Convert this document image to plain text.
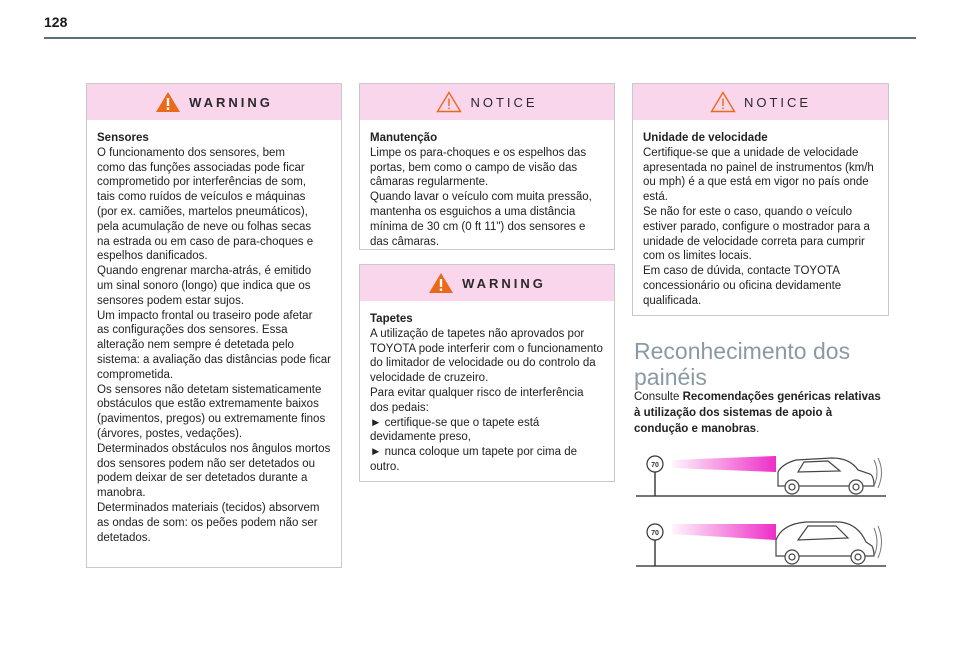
128
WARNING
Sensores
O funcionamento dos sensores, bem
como das funções associadas pode ficar
comprometido por interferências de som,
tais como ruídos de veículos e máquinas
(por ex. camiões, martelos pneumáticos),
pela acumulação de neve ou folhas secas
na estrada ou em caso de para-choques e
espelhos danificados.
Quando engrenar marcha-atrás, é emitido
um sinal sonoro (longo) que indica que os
sensores podem estar sujos.
Um impacto frontal ou traseiro pode afetar
as configurações dos sensores. Essa
alteração nem sempre é detetada pelo
sistema: a avaliação das distâncias pode ficar
comprometida.
Os sensores não detetam sistematicamente
obstáculos que estão extremamente baixos
(pavimentos, pregos) ou extremamente finos
(árvores, postes, vedações).
Determinados obstáculos nos ângulos mortos
dos sensores podem não ser detetados ou
podem deixar de ser detetados durante a
manobra.
Determinados materiais (tecidos) absorvem
as ondas de som: os peões podem não ser
detetados.
NOTICE
Manutenção
Limpe os para-choques e os espelhos das
portas, bem como o campo de visão das
câmaras regularmente.
Quando lavar o veículo com muita pressão,
mantenha os esguichos a uma distância
mínima de 30 cm (0 ft 11") dos sensores e
das câmaras.
WARNING
Tapetes
A utilização de tapetes não aprovados por
TOYOTA pode interferir com o funcionamento
do limitador de velocidade ou do controlo da
velocidade de cruzeiro.
Para evitar qualquer risco de interferência
dos pedais:
► certifique-se que o tapete está
devidamente preso,
► nunca coloque um tapete por cima de
outro.
NOTICE
Unidade de velocidade
Certifique-se que a unidade de velocidade
apresentada no painel de instrumentos (km/h
ou mph) é a que está em vigor no país onde
está.
Se não for este o caso, quando o veículo
estiver parado, configure o mostrador para a
unidade de velocidade correta para cumprir
com os limites locais.
Em caso de dúvida, contacte TOYOTA
concessionário ou oficina devidamente
qualificada.
Reconhecimento dos
painéis
Consulte Recomendações genéricas relativas
à utilização dos sistemas de apoio à
condução e manobras.
70
70
